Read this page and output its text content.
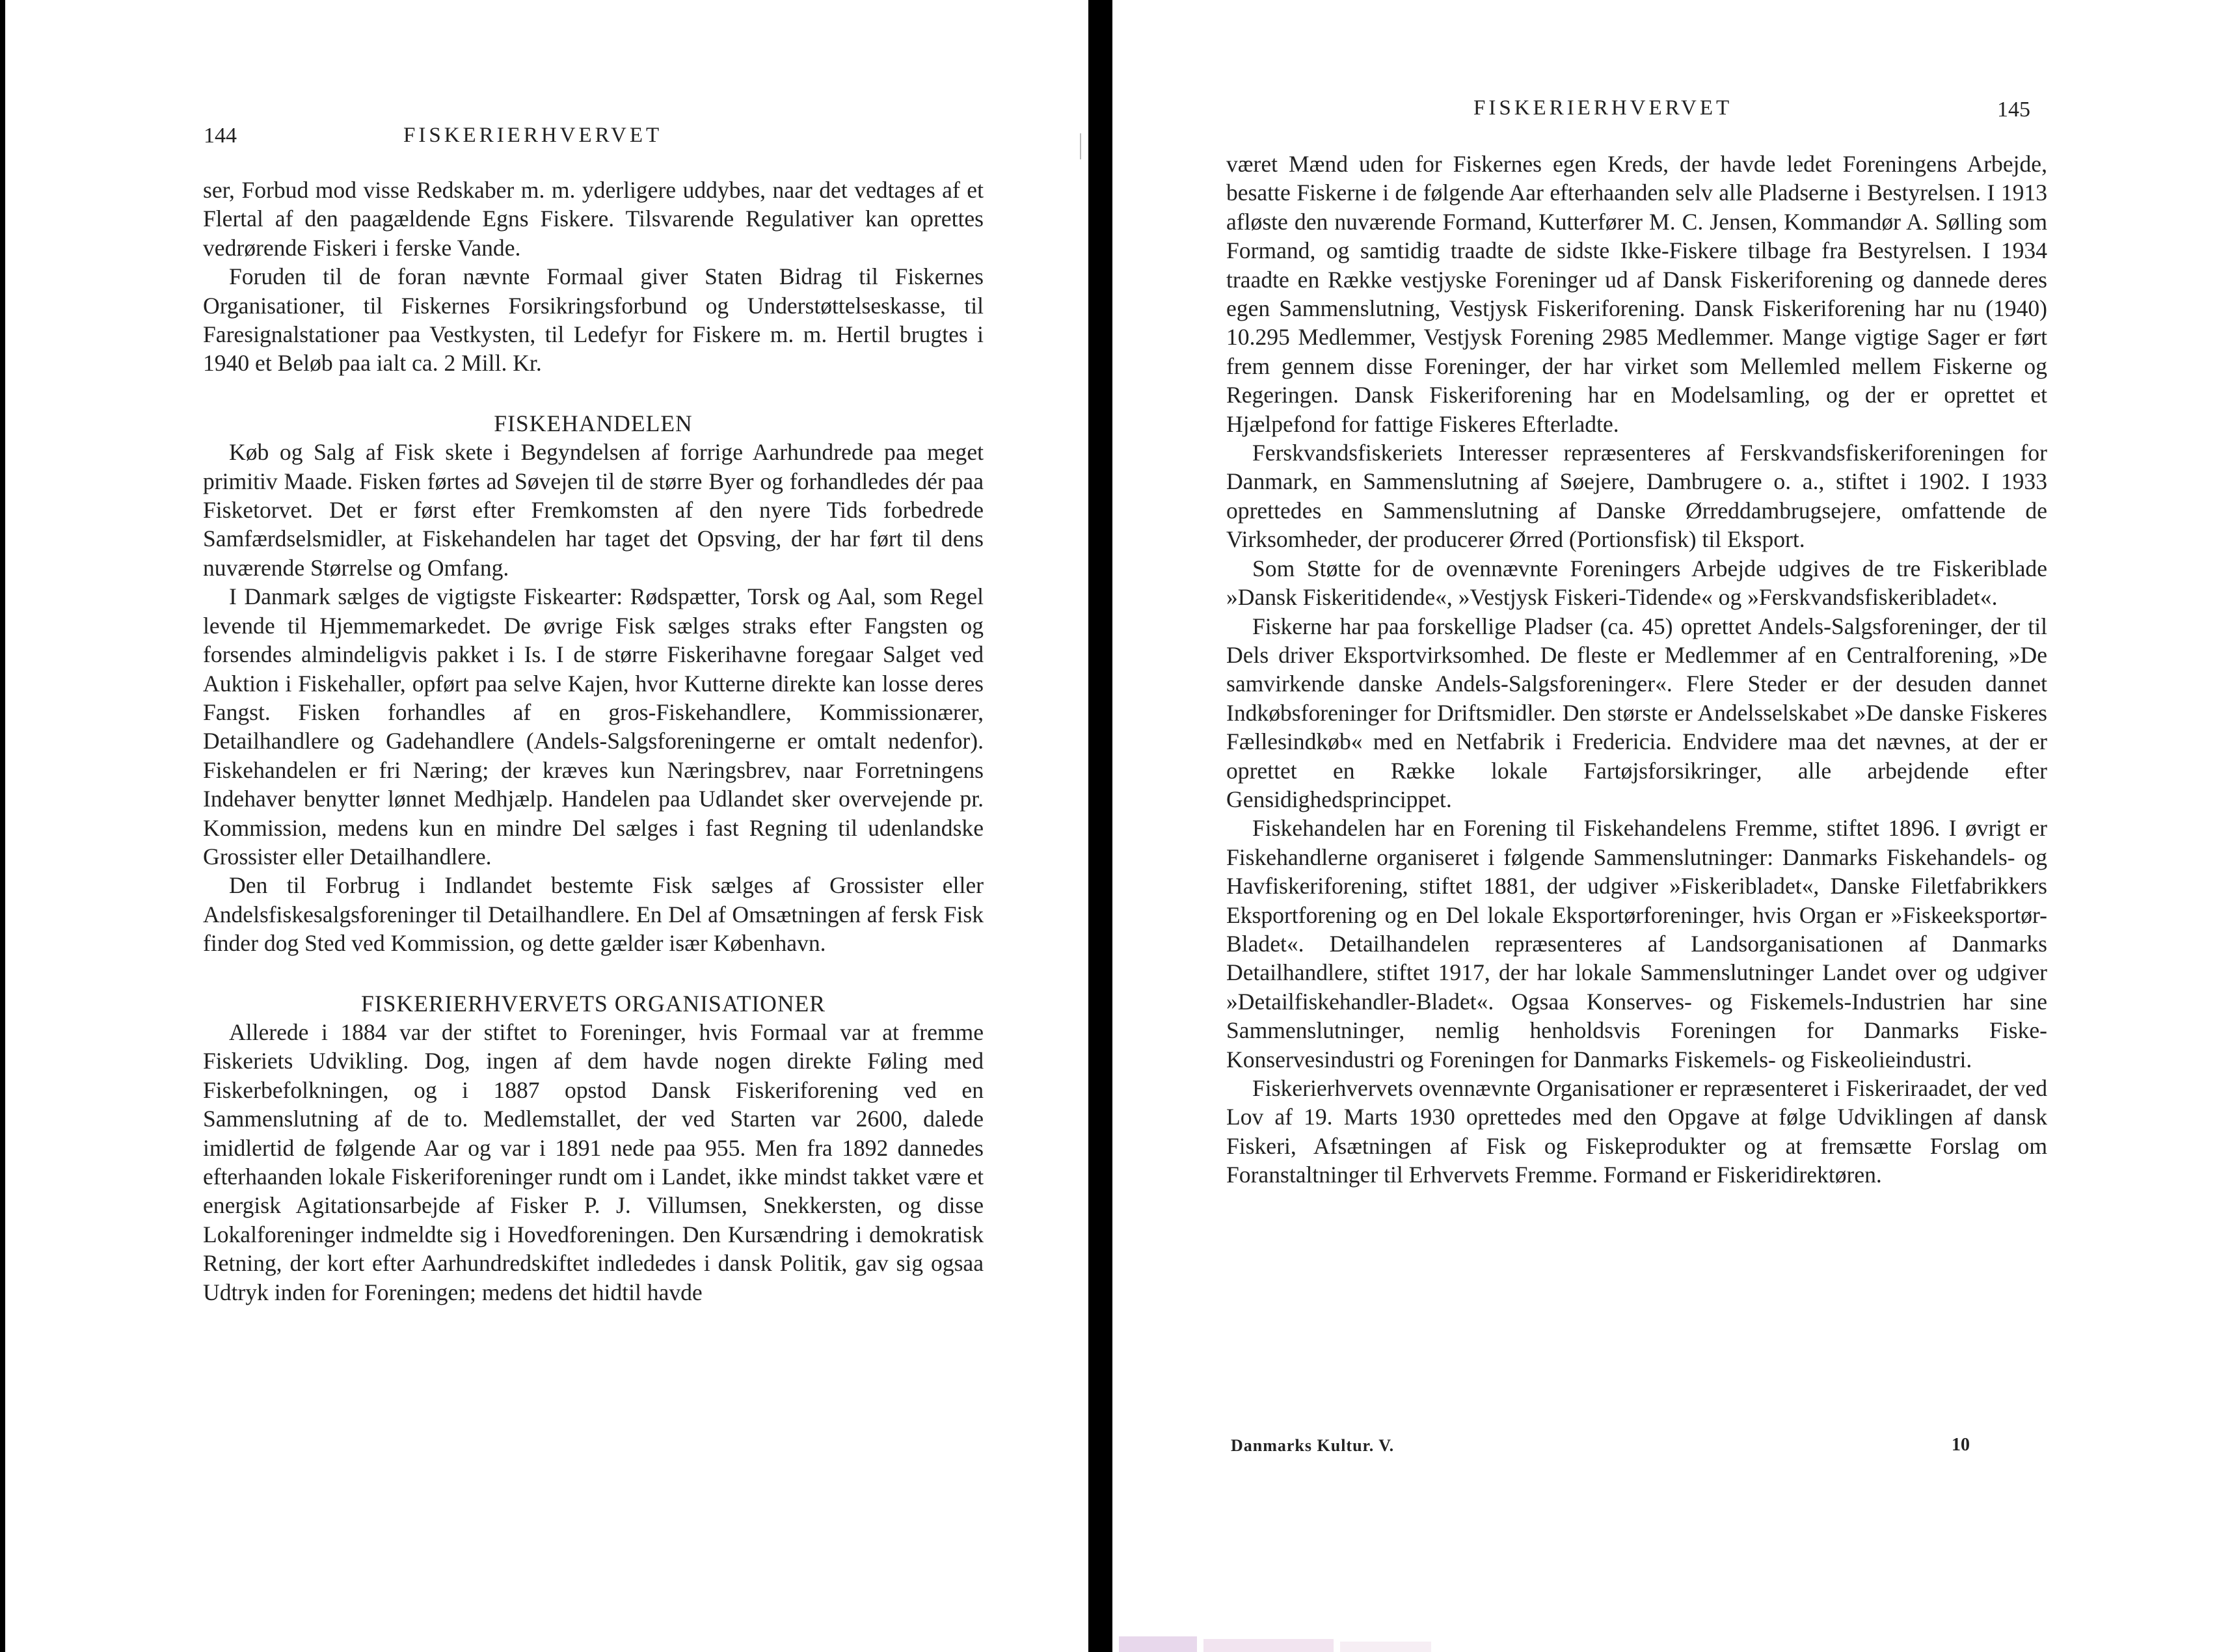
144	FISKERIERHVERVET

ser, Forbud mod visse Redskaber m. m. yderligere uddybes, naar det vedtages af et Flertal af den paagældende Egns Fiskere. Tilsvarende Regulativer kan oprettes vedrørende Fiskeri i ferske Vande.

Foruden til de foran nævnte Formaal giver Staten Bidrag til Fiskernes Organisationer, til Fiskernes Forsikringsforbund og Understøttelseskasse, til Faresignalstationer paa Vestkysten, til Ledefyr for Fiskere m. m. Hertil brugtes i 1940 et Beløb paa ialt ca. 2 Mill. Kr.

FISKEHANDELEN

Køb og Salg af Fisk skete i Begyndelsen af forrige Aarhundrede paa meget primitiv Maade. Fisken førtes ad Søvejen til de større Byer og forhandledes dér paa Fisketorvet. Det er først efter Fremkomsten af den nyere Tids forbedrede Samfærdselsmidler, at Fiskehandelen har taget det Opsving, der har ført til dens nuværende Størrelse og Omfang.

I Danmark sælges de vigtigste Fiskearter: Rødspætter, Torsk og Aal, som Regel levende til Hjemmemarkedet. De øvrige Fisk sælges straks efter Fangsten og forsendes almindeligvis pakket i Is. I de større Fiskerihavne foregaar Salget ved Auktion i Fiskehaller, opført paa selve Kajen, hvor Kutterne direkte kan losse deres Fangst. Fisken forhandles af en gros-Fiskehandlere, Kommissionærer, Detailhandlere og Gadehandlere (Andels-Salgsforeningerne er omtalt nedenfor). Fiskehandelen er fri Næring; der kræves kun Næringsbrev, naar Forretningens Indehaver benytter lønnet Medhjælp. Handelen paa Udlandet sker overvejende pr. Kommission, medens kun en mindre Del sælges i fast Regning til udenlandske Grossister eller Detailhandlere.

Den til Forbrug i Indlandet bestemte Fisk sælges af Grossister eller Andelsfiskesalgsforeninger til Detailhandlere. En Del af Omsætningen af fersk Fisk finder dog Sted ved Kommission, og dette gælder især København.

FISKERIERHVERVETS ORGANISATIONER

Allerede i 1884 var der stiftet to Foreninger, hvis Formaal var at fremme Fiskeriets Udvikling. Dog, ingen af dem havde nogen direkte Føling med Fiskerbefolkningen, og i 1887 opstod Dansk Fiskeriforening ved en Sammenslutning af de to. Medlemstallet, der ved Starten var 2600, dalede imidlertid de følgende Aar og var i 1891 nede paa 955. Men fra 1892 dannedes efterhaanden lokale Fiskeriforeninger rundt om i Landet, ikke mindst takket være et energisk Agitationsarbejde af Fisker P. J. Villumsen, Snekkersten, og disse Lokalforeninger indmeldte sig i Hovedforeningen. Den Kursændring i demokratisk Retning, der kort efter Aarhundredskiftet indlededes i dansk Politik, gav sig ogsaa Udtryk inden for Foreningen; medens det hidtil havde

FISKERIERHVERVET	145

været Mænd uden for Fiskernes egen Kreds, der havde ledet Foreningens Arbejde, besatte Fiskerne i de følgende Aar efterhaanden selv alle Pladserne i Bestyrelsen. I 1913 afløste den nuværende Formand, Kutterfører M. C. Jensen, Kommandør A. Sølling som Formand, og samtidig traadte de sidste Ikke-Fiskere tilbage fra Bestyrelsen. I 1934 traadte en Række vestjyske Foreninger ud af Dansk Fiskeriforening og dannede deres egen Sammenslutning, Vestjysk Fiskeriforening. Dansk Fiskeriforening har nu (1940) 10.295 Medlemmer, Vestjysk Forening 2985 Medlemmer. Mange vigtige Sager er ført frem gennem disse Foreninger, der har virket som Mellemled mellem Fiskerne og Regeringen. Dansk Fiskeriforening har en Modelsamling, og der er oprettet et Hjælpefond for fattige Fiskeres Efterladte.

Ferskvandsfiskeriets Interesser repræsenteres af Ferskvandsfiskeriforeningen for Danmark, en Sammenslutning af Søejere, Dambrugere o. a., stiftet i 1902. I 1933 oprettedes en Sammenslutning af Danske Ørreddambrugsejere, omfattende de Virksomheder, der producerer Ørred (Portionsfisk) til Eksport.

Som Støtte for de ovennævnte Foreningers Arbejde udgives de tre Fiskeriblade »Dansk Fiskeritidende«, »Vestjysk Fiskeri-Tidende« og »Ferskvandsfiskeribladet«.

Fiskerne har paa forskellige Pladser (ca. 45) oprettet Andels-Salgsforeninger, der til Dels driver Eksportvirksomhed. De fleste er Medlemmer af en Centralforening, »De samvirkende danske Andels-Salgsforeninger«. Flere Steder er der desuden dannet Indkøbsforeninger for Driftsmidler. Den største er Andelsselskabet »De danske Fiskeres Fællesindkøb« med en Netfabrik i Fredericia. Endvidere maa det nævnes, at der er oprettet en Række lokale Fartøjsforsikringer, alle arbejdende efter Gensidighedsprincippet.

Fiskehandelen har en Forening til Fiskehandelens Fremme, stiftet 1896. I øvrigt er Fiskehandlerne organiseret i følgende Sammenslutninger: Danmarks Fiskehandels- og Havfiskeriforening, stiftet 1881, der udgiver »Fiskeribladet«, Danske Filetfabrikkers Eksportforening og en Del lokale Eksportørforeninger, hvis Organ er »Fiskeeksportør-Bladet«. Detailhandelen repræsenteres af Landsorganisationen af Danmarks Detailhandlere, stiftet 1917, der har lokale Sammenslutninger Landet over og udgiver »Detailfiskehandler-Bladet«. Ogsaa Konserves- og Fiskemels-Industrien har sine Sammenslutninger, nemlig henholdsvis Foreningen for Danmarks Fiske-Konservesindustri og Foreningen for Danmarks Fiskemels- og Fiskeolieindustri.

Fiskerierhvervets ovennævnte Organisationer er repræsenteret i Fiskeriraadet, der ved Lov af 19. Marts 1930 oprettedes med den Opgave at følge Udviklingen af dansk Fiskeri, Afsætningen af Fisk og Fiskeprodukter og at fremsætte Forslag om Foranstaltninger til Erhvervets Fremme. Formand er Fiskeridirektøren.

Danmarks Kultur. V.	10
